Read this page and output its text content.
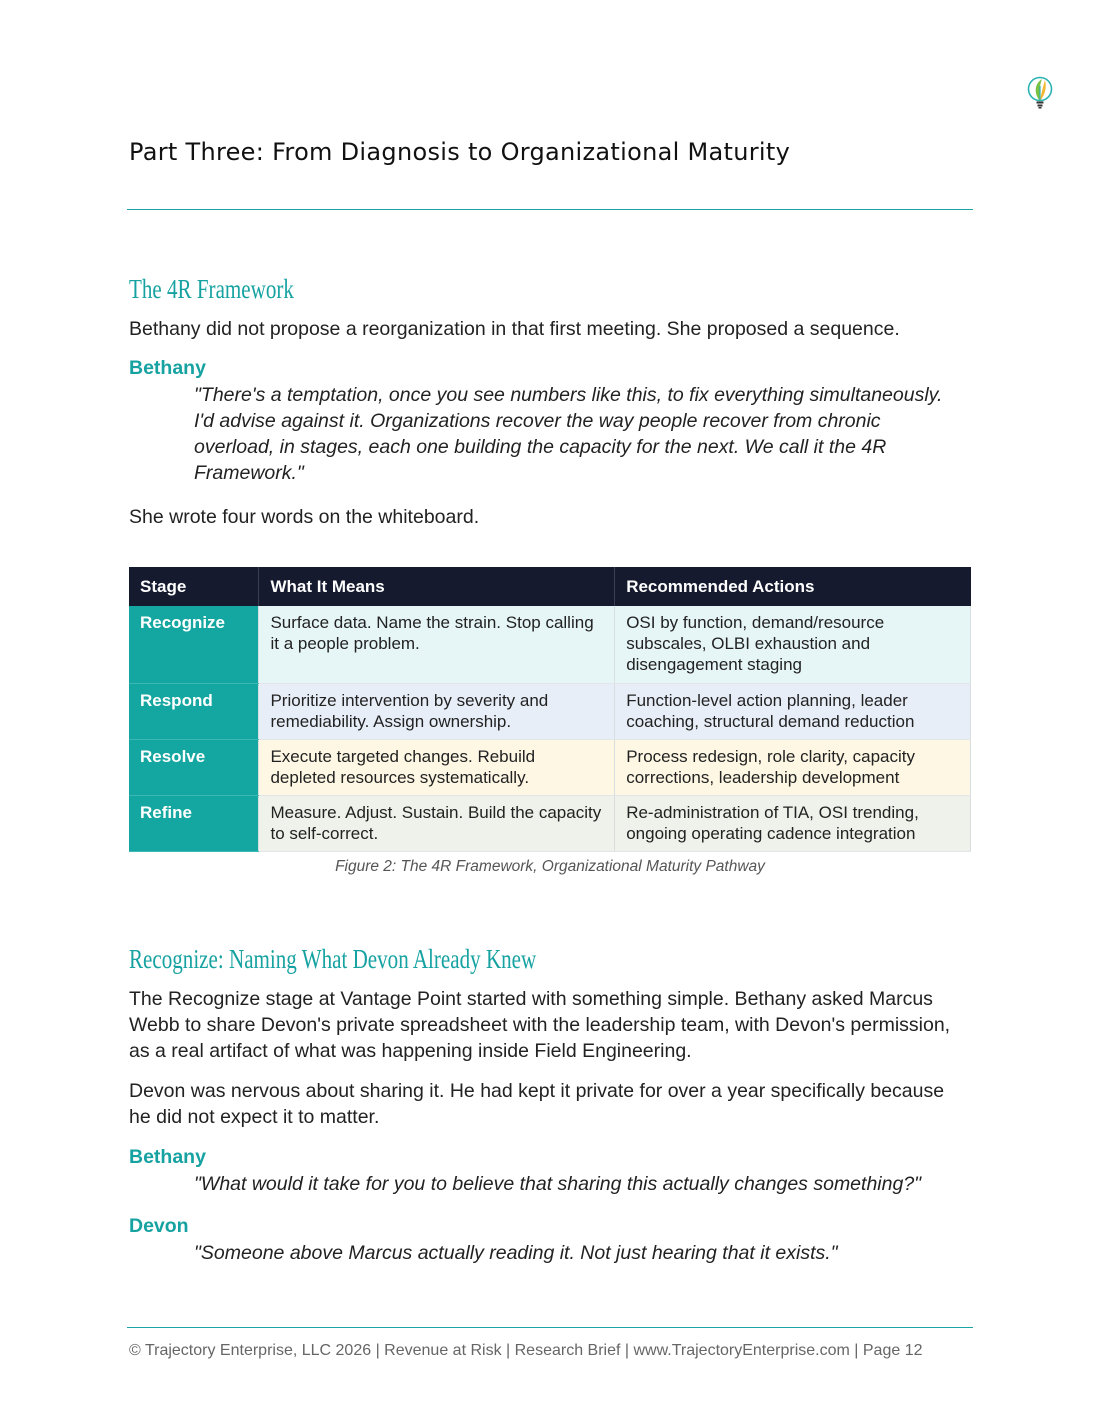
Part Three: From Diagnosis to Organizational Maturity
The 4R Framework
Bethany did not propose a reorganization in that first meeting. She proposed a sequence.
Bethany
"There's a temptation, once you see numbers like this, to fix everything simultaneously. I'd advise against it. Organizations recover the way people recover from chronic overload, in stages, each one building the capacity for the next. We call it the 4R Framework."
She wrote four words on the whiteboard.
Stage	What It Means	Recommended Actions
Recognize	Surface data. Name the strain. Stop calling it a people problem.	OSI by function, demand/resource subscales, OLBI exhaustion and disengagement staging
Respond	Prioritize intervention by severity and remediability. Assign ownership.	Function-level action planning, leader coaching, structural demand reduction
Resolve	Execute targeted changes. Rebuild depleted resources systematically.	Process redesign, role clarity, capacity corrections, leadership development
Refine	Measure. Adjust. Sustain. Build the capacity to self-correct.	Re-administration of TIA, OSI trending, ongoing operating cadence integration
Figure 2: The 4R Framework, Organizational Maturity Pathway
Recognize: Naming What Devon Already Knew
The Recognize stage at Vantage Point started with something simple. Bethany asked Marcus Webb to share Devon's private spreadsheet with the leadership team, with Devon's permission, as a real artifact of what was happening inside Field Engineering.
Devon was nervous about sharing it. He had kept it private for over a year specifically because he did not expect it to matter.
Bethany
"What would it take for you to believe that sharing this actually changes something?"
Devon
"Someone above Marcus actually reading it. Not just hearing that it exists."
© Trajectory Enterprise, LLC 2026 | Revenue at Risk | Research Brief | www.TrajectoryEnterprise.com | Page 12
